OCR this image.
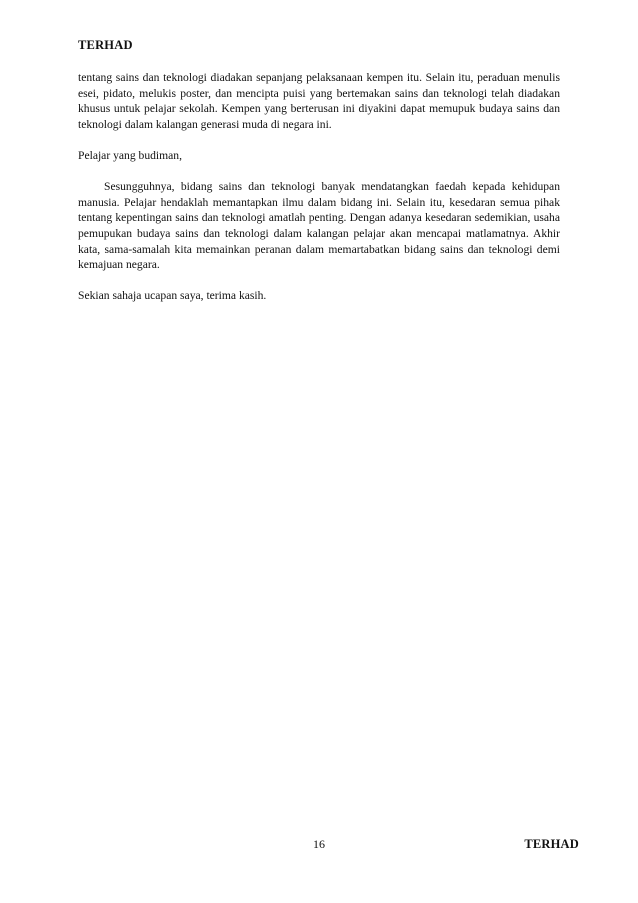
TERHAD

tentang sains dan teknologi diadakan sepanjang pelaksanaan kempen itu. Selain itu, peraduan menulis esei, pidato, melukis poster, dan mencipta puisi yang bertemakan sains dan teknologi telah diadakan khusus untuk pelajar sekolah. Kempen yang berterusan ini diyakini dapat memupuk budaya sains dan teknologi dalam kalangan generasi muda di negara ini.

Pelajar yang budiman,

Sesungguhnya, bidang sains dan teknologi banyak mendatangkan faedah kepada kehidupan manusia. Pelajar hendaklah memantapkan ilmu dalam bidang ini. Selain itu, kesedaran semua pihak tentang kepentingan sains dan teknologi amatlah penting. Dengan adanya kesedaran sedemikian, usaha pemupukan budaya sains dan teknologi dalam kalangan pelajar akan mencapai matlamatnya. Akhir kata, sama-samalah kita memainkan peranan dalam memartabatkan bidang sains dan teknologi demi kemajuan negara.

Sekian sahaja ucapan saya, terima kasih.

16	TERHAD
